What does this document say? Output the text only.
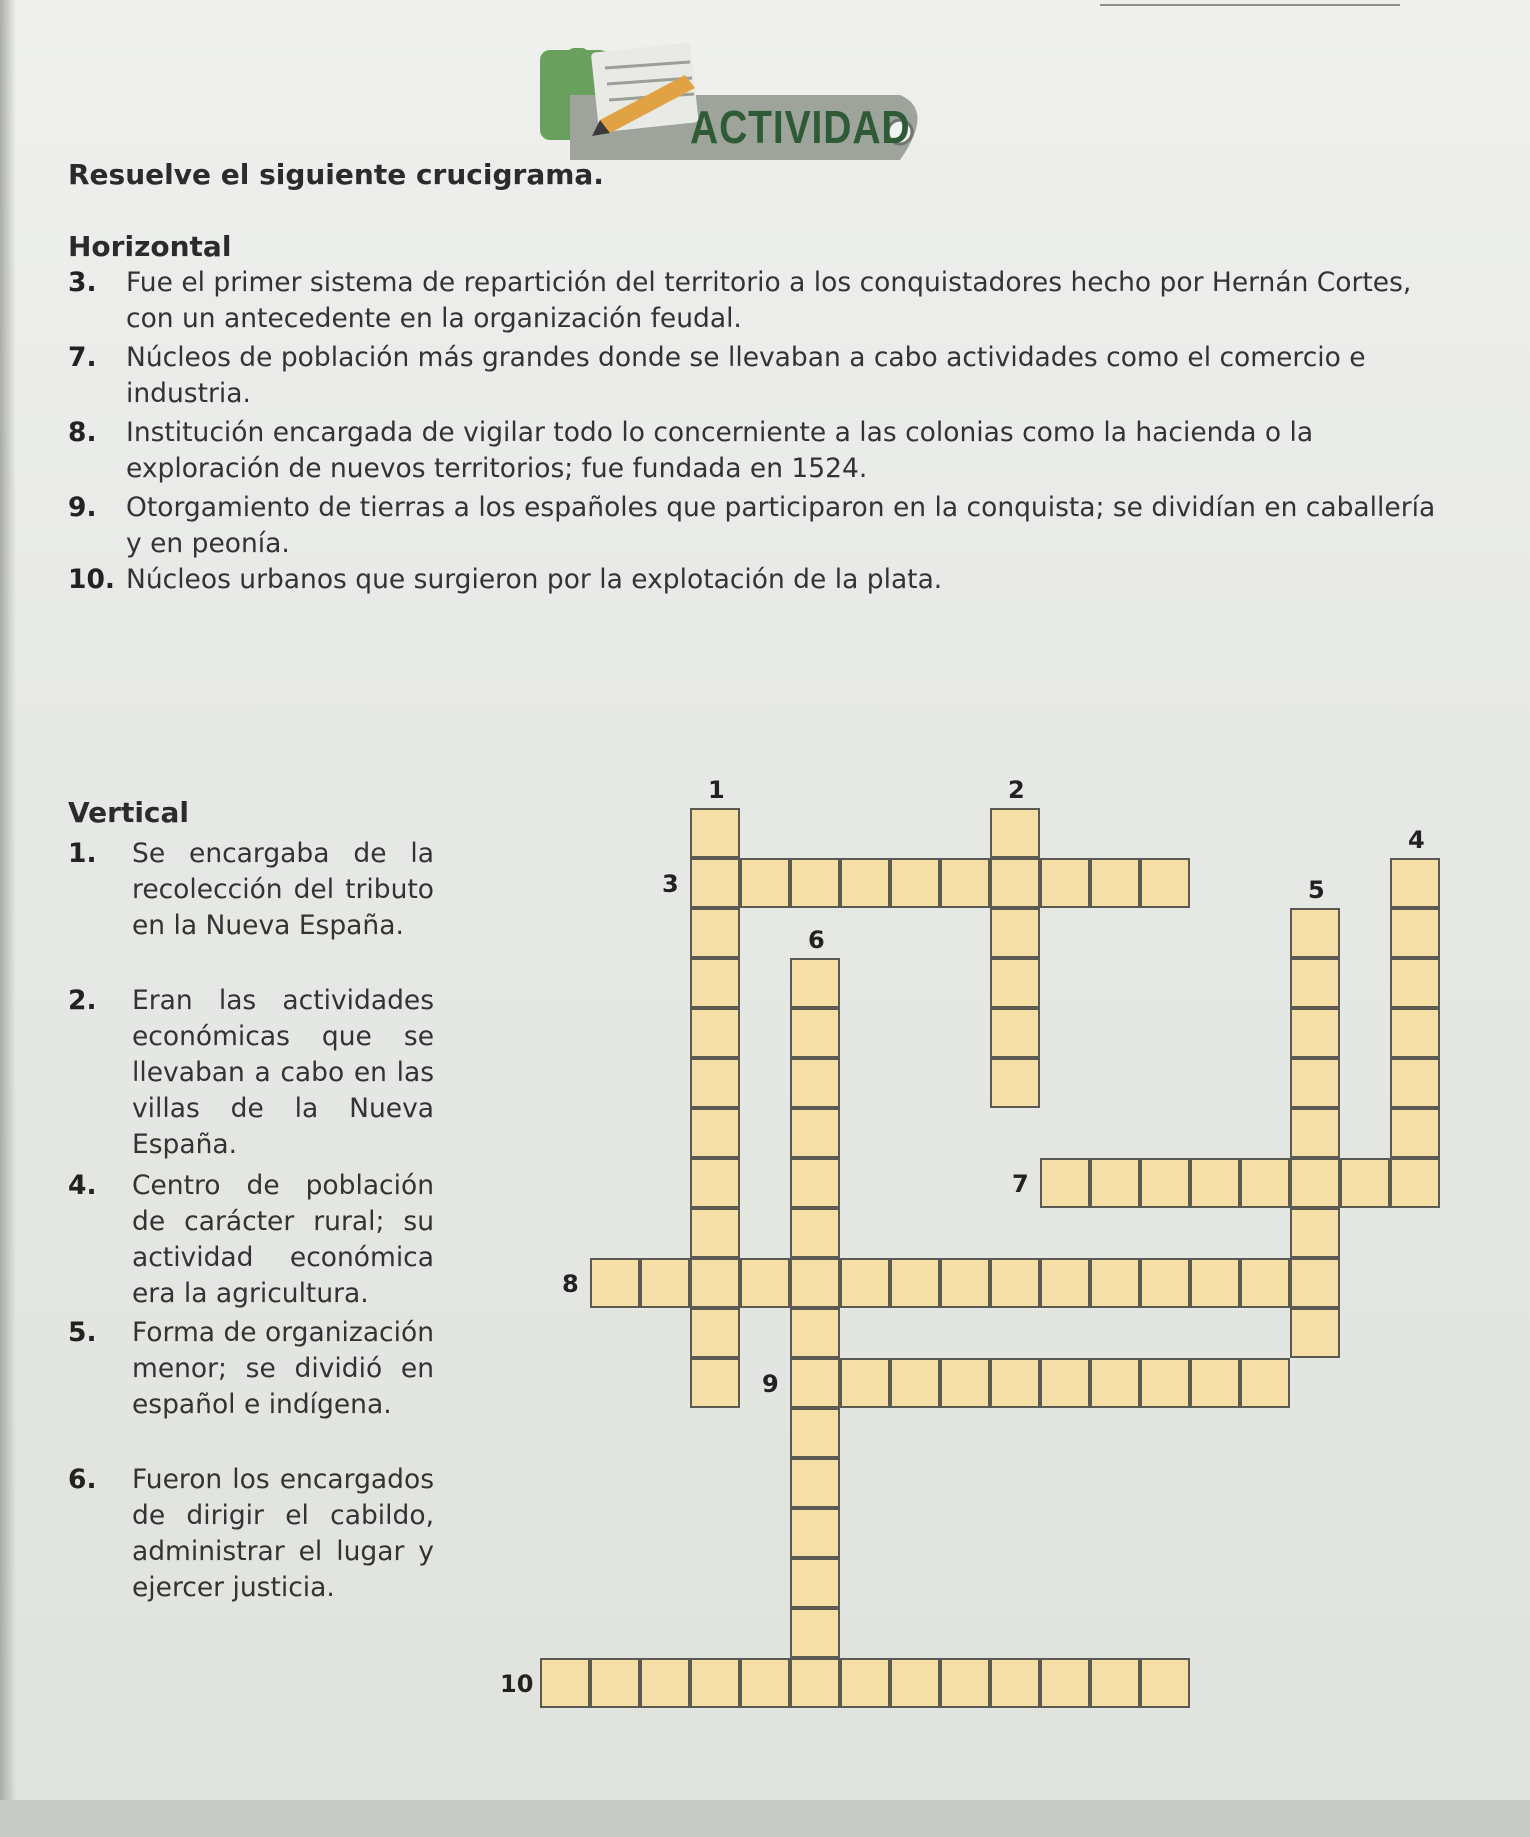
ACTIVIDAD
Resuelve el siguiente crucigrama.
Horizontal
3. Fue el primer sistema de repartición del territorio a los conquistadores hecho por Hernán Cortes, con un antecedente en la organización feudal.
7. Núcleos de población más grandes donde se llevaban a cabo actividades como el comercio e industria.
8. Institución encargada de vigilar todo lo concerniente a las colonias como la hacienda o la exploración de nuevos territorios; fue fundada en 1524.
9. Otorgamiento de tierras a los españoles que participaron en la conquista; se dividían en caballería y en peonía.
10. Núcleos urbanos que surgieron por la explotación de la plata.
Vertical
1. Se encargaba de la recolección del tributo en la Nueva España.
2. Eran las actividades económicas que se llevaban a cabo en las villas de la Nueva España.
4. Centro de población de carácter rural; su actividad económica era la agricultura.
5. Forma de organización menor; se dividió en español e indígena.
6. Fueron los encargados de dirigir el cabildo, administrar el lugar y ejercer justicia.
1	2
3
4
5
6
7
8
9
10
